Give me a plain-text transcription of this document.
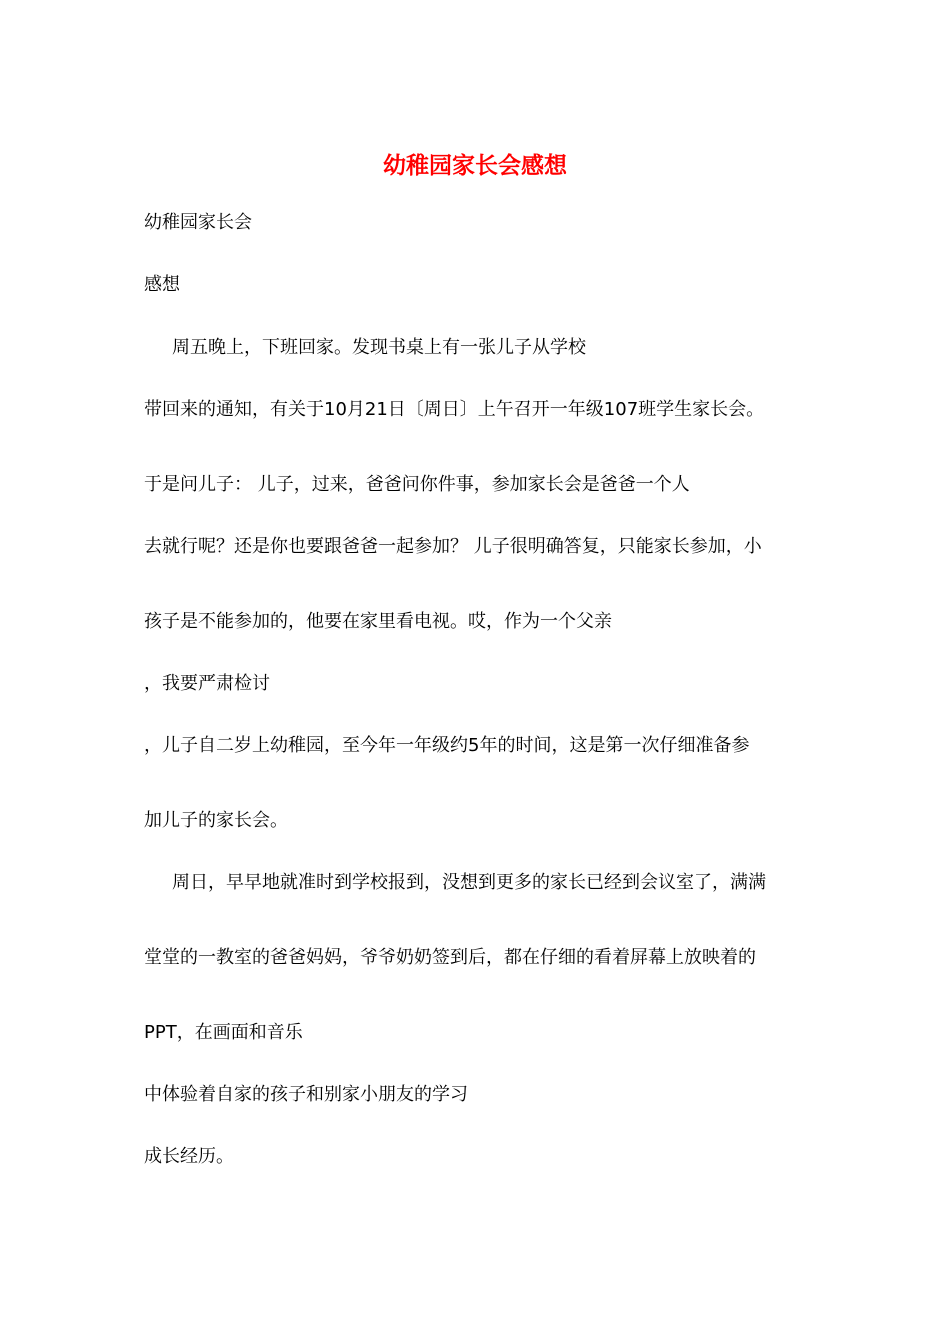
幼稚园家长会感想
幼稚园家长会
感想
周五晚上，下班回家。发现书桌上有一张儿子从学校
带回来的通知，有关于10月21日〔周日〕上午召开一年级107班学生家长会。
于是问儿子： 儿子，过来，爸爸问你件事，参加家长会是爸爸一个人
去就行呢？还是你也要跟爸爸一起参加？ 儿子很明确答复，只能家长参加，小
孩子是不能参加的，他要在家里看电视。哎，作为一个父亲
，我要严肃检讨
，儿子自二岁上幼稚园，至今年一年级约5年的时间，这是第一次仔细准备参
加儿子的家长会。
周日，早早地就准时到学校报到，没想到更多的家长已经到会议室了，满满
堂堂的一教室的爸爸妈妈，爷爷奶奶签到后，都在仔细的看着屏幕上放映着的
PPT，在画面和音乐
中体验着自家的孩子和别家小朋友的学习
成长经历。
